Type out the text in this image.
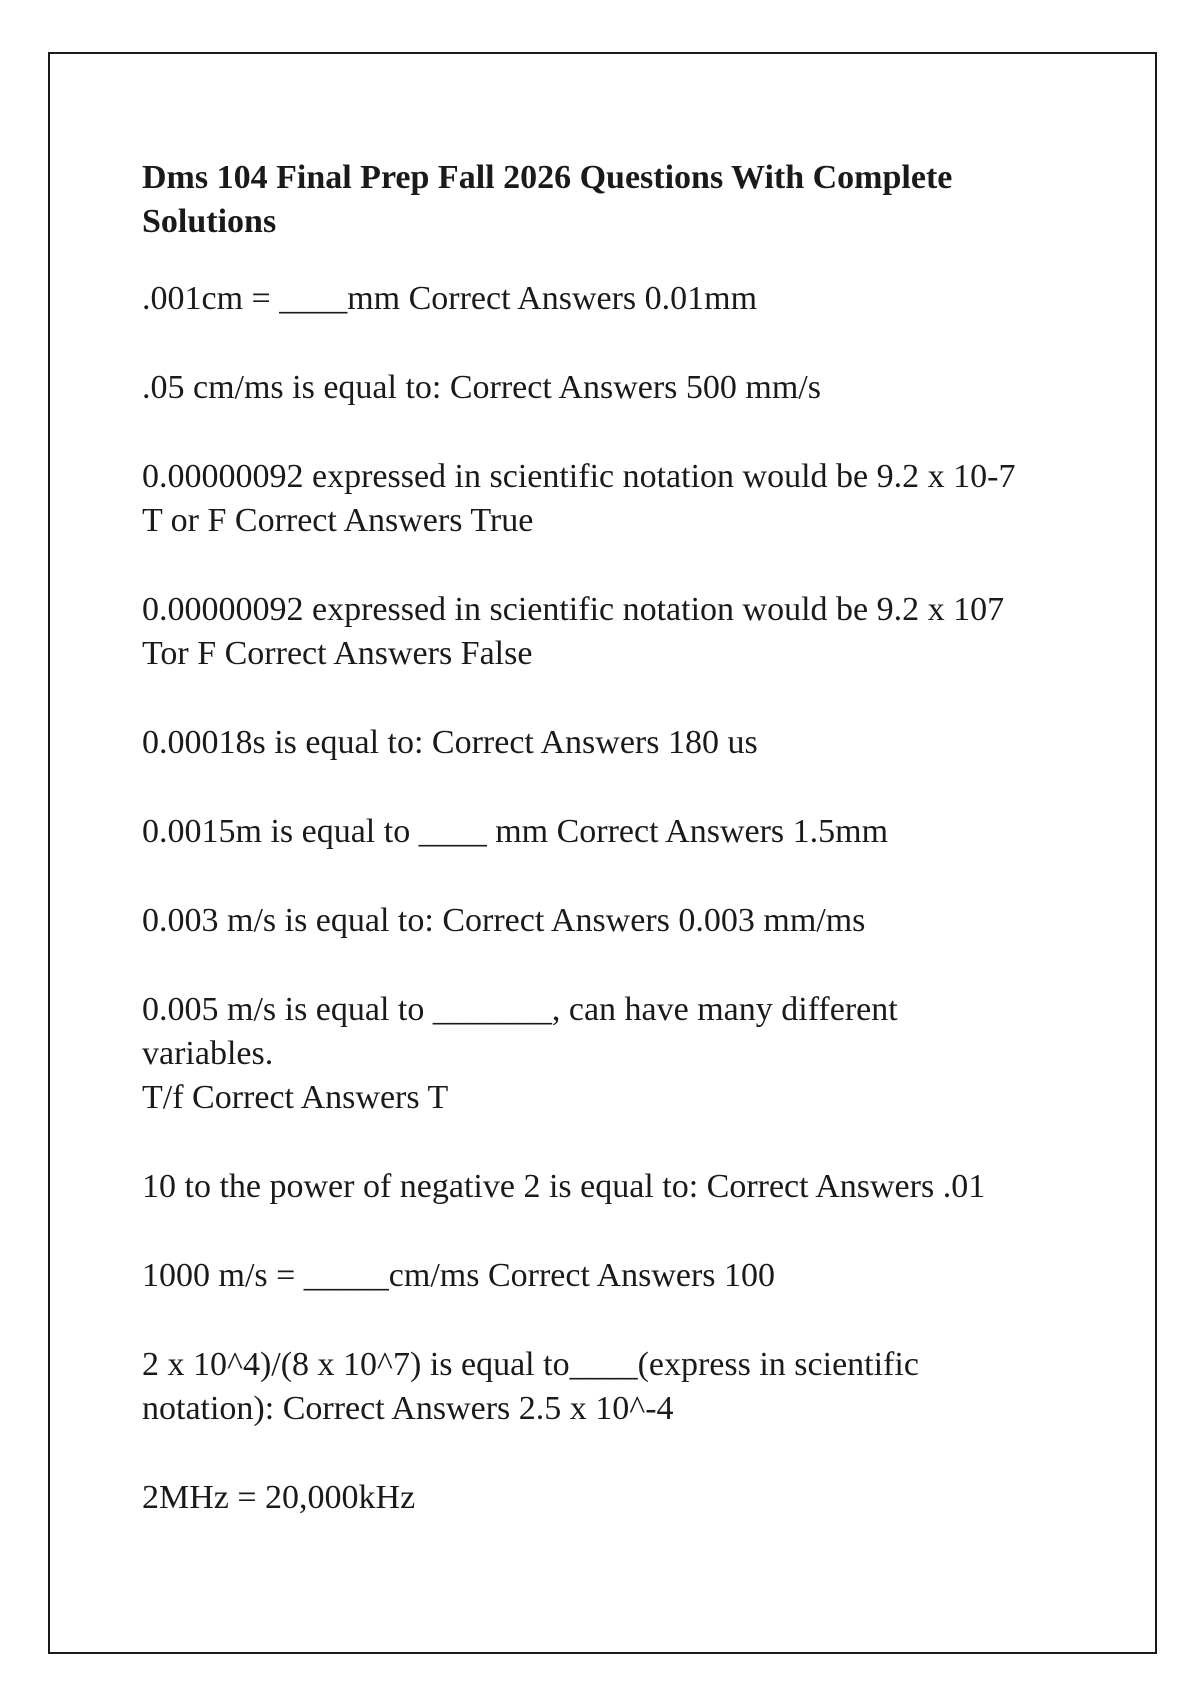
Dms 104 Final Prep Fall 2026 Questions With Complete Solutions
.001cm = ____mm Correct Answers 0.01mm
.05 cm/ms is equal to: Correct Answers 500 mm/s
0.00000092 expressed in scientific notation would be 9.2 x 10-7
T or F Correct Answers True
0.00000092 expressed in scientific notation would be 9.2 x 107
Tor F Correct Answers False
0.00018s is equal to: Correct Answers 180 us
0.0015m is equal to ____ mm Correct Answers 1.5mm
0.003 m/s is equal to: Correct Answers 0.003 mm/ms
0.005 m/s is equal to _______, can have many different
variables.
T/f Correct Answers T
10 to the power of negative 2 is equal to: Correct Answers .01
1000 m/s = _____cm/ms Correct Answers 100
2 x 10^4)/(8 x 10^7) is equal to____(express in scientific
notation): Correct Answers 2.5 x 10^-4
2MHz = 20,000kHz
